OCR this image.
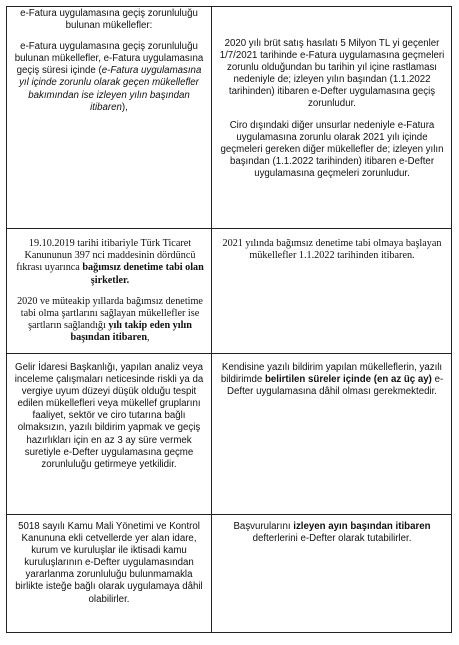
e-Fatura uygulamasına geçiş zorunluluğu bulunan mükellefler:

e-Fatura uygulamasına geçiş zorunluluğu bulunan mükellefler, e-Fatura uygulamasına geçiş süresi içinde (e-Fatura uygulamasına yıl içinde zorunlu olarak geçen mükellefler bakımından ise izleyen yılın başından itibaren),

2020 yılı brüt satış hasılatı 5 Milyon TL yi geçenler 1/7/2021 tarihinde e-Fatura uygulamasına geçmeleri zorunlu olduğundan bu tarihin yıl içine rastlaması nedeniyle de; izleyen yılın başından (1.1.2022 tarihinden) itibaren e-Defter uygulamasına geçiş zorunludur.

Ciro dışındaki diğer unsurlar nedeniyle e-Fatura uygulamasına zorunlu olarak 2021 yılı içinde geçmeleri gereken diğer mükellefler de; izleyen yılın başından (1.1.2022 tarihinden) itibaren e-Defter uygulamasına geçmeleri zorunludur.

19.10.2019 tarihi itibariyle Türk Ticaret Kanununun 397 nci maddesinin dördüncü fıkrası uyarınca bağımsız denetime tabi olan şirketler.

2020 ve müteakip yıllarda bağımsız denetime tabi olma şartlarını sağlayan mükellefler ise şartların sağlandığı yılı takip eden yılın başından itibaren,

2021 yılında bağımsız denetime tabi olmaya başlayan mükellefler 1.1.2022 tarihinden itibaren.

Gelir İdaresi Başkanlığı, yapılan analiz veya inceleme çalışmaları neticesinde riskli ya da vergiye uyum düzeyi düşük olduğu tespit edilen mükellefleri veya mükellef gruplarını faaliyet, sektör ve ciro tutarına bağlı olmaksızın, yazılı bildirim yapmak ve geçiş hazırlıkları için en az 3 ay süre vermek suretiyle e-Defter uygulamasına geçme zorunluluğu getirmeye yetkilidir.

Kendisine yazılı bildirim yapılan mükelleflerin, yazılı bildirimde belirtilen süreler içinde (en az üç ay) e-Defter uygulamasına dâhil olması gerekmektedir.

5018 sayılı Kamu Mali Yönetimi ve Kontrol Kanununa ekli cetvellerde yer alan idare, kurum ve kuruluşlar ile iktisadi kamu kuruluşlarının e-Defter uygulamasından yararlanma zorunluluğu bulunmamakla birlikte isteğe bağlı olarak uygulamaya dâhil olabilirler.

Başvurularını izleyen ayın başından itibaren defterlerini e-Defter olarak tutabilirler.
